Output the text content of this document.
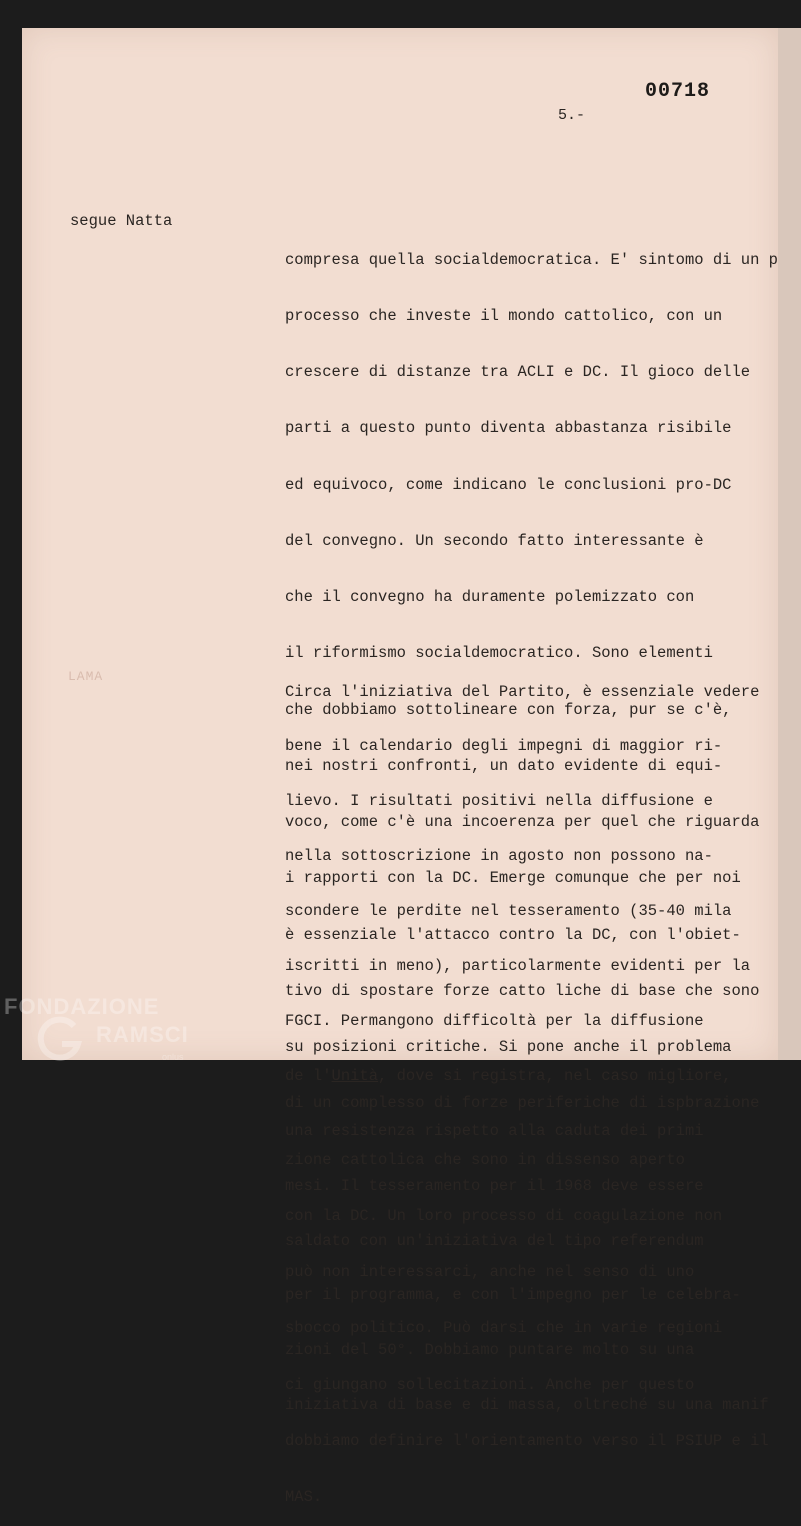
00718
5.-
segue Natta
LAMA

compresa quella socialdemocratica. E' sintomo di un p

processo che investe il mondo cattolico, con un

crescere di distanze tra ACLI e DC. Il gioco delle

parti a questo punto diventa abbastanza risibile

ed equivoco, come indicano le conclusioni pro-DC

del convegno. Un secondo fatto interessante è

che il convegno ha duramente polemizzato con

il riformismo socialdemocratico. Sono elementi

che dobbiamo sottolineare con forza, pur se c'è,

nei nostri confronti, un dato evidente di equi-

voco, come c'è una incoerenza per quel che riguarda

i rapporti con la DC. Emerge comunque che per noi

è essenziale l'attacco contro la DC, con l'obiet-

tivo di spostare forze catto liche di base che sono

su posizioni critiche. Si pone anche il problema

di un complesso di forze periferiche di ispbrazione

zione cattolica che sono in dissenso aperto

con la DC. Un loro processo di coagulazione non

può non interessarci, anche nel senso di uno

sbocco politico. Può darsi che in varie regioni

ci giungano sollecitazioni. Anche per questo

dobbiamo definire l'orientamento verso il PSIUP e il

MAS.

Circa l'iniziativa del Partito, è essenziale vedere

bene il calendario degli impegni di maggior ri-

lievo. I risultati positivi nella diffusione e

nella sottoscrizione in agosto non possono na-

scondere le perdite nel tesseramento (35-40 mila

iscritti in meno), particolarmente evidenti per la

FGCI. Permangono difficoltà per la diffusione

de l'Unità, dove si registra, nel caso migliore,

una resistenza rispetto alla caduta dei primi

mesi. Il tesseramento per il 1968 deve essere

saldato con un'iniziativa del tipo referendum

per il programma, e con l'impegno per le celebra-

zioni del 50°. Dobbiamo puntare molto su una

iniziativa di base e di massa, oltreché su una manif

FONDAZIONE
RAMSCI
onlus
